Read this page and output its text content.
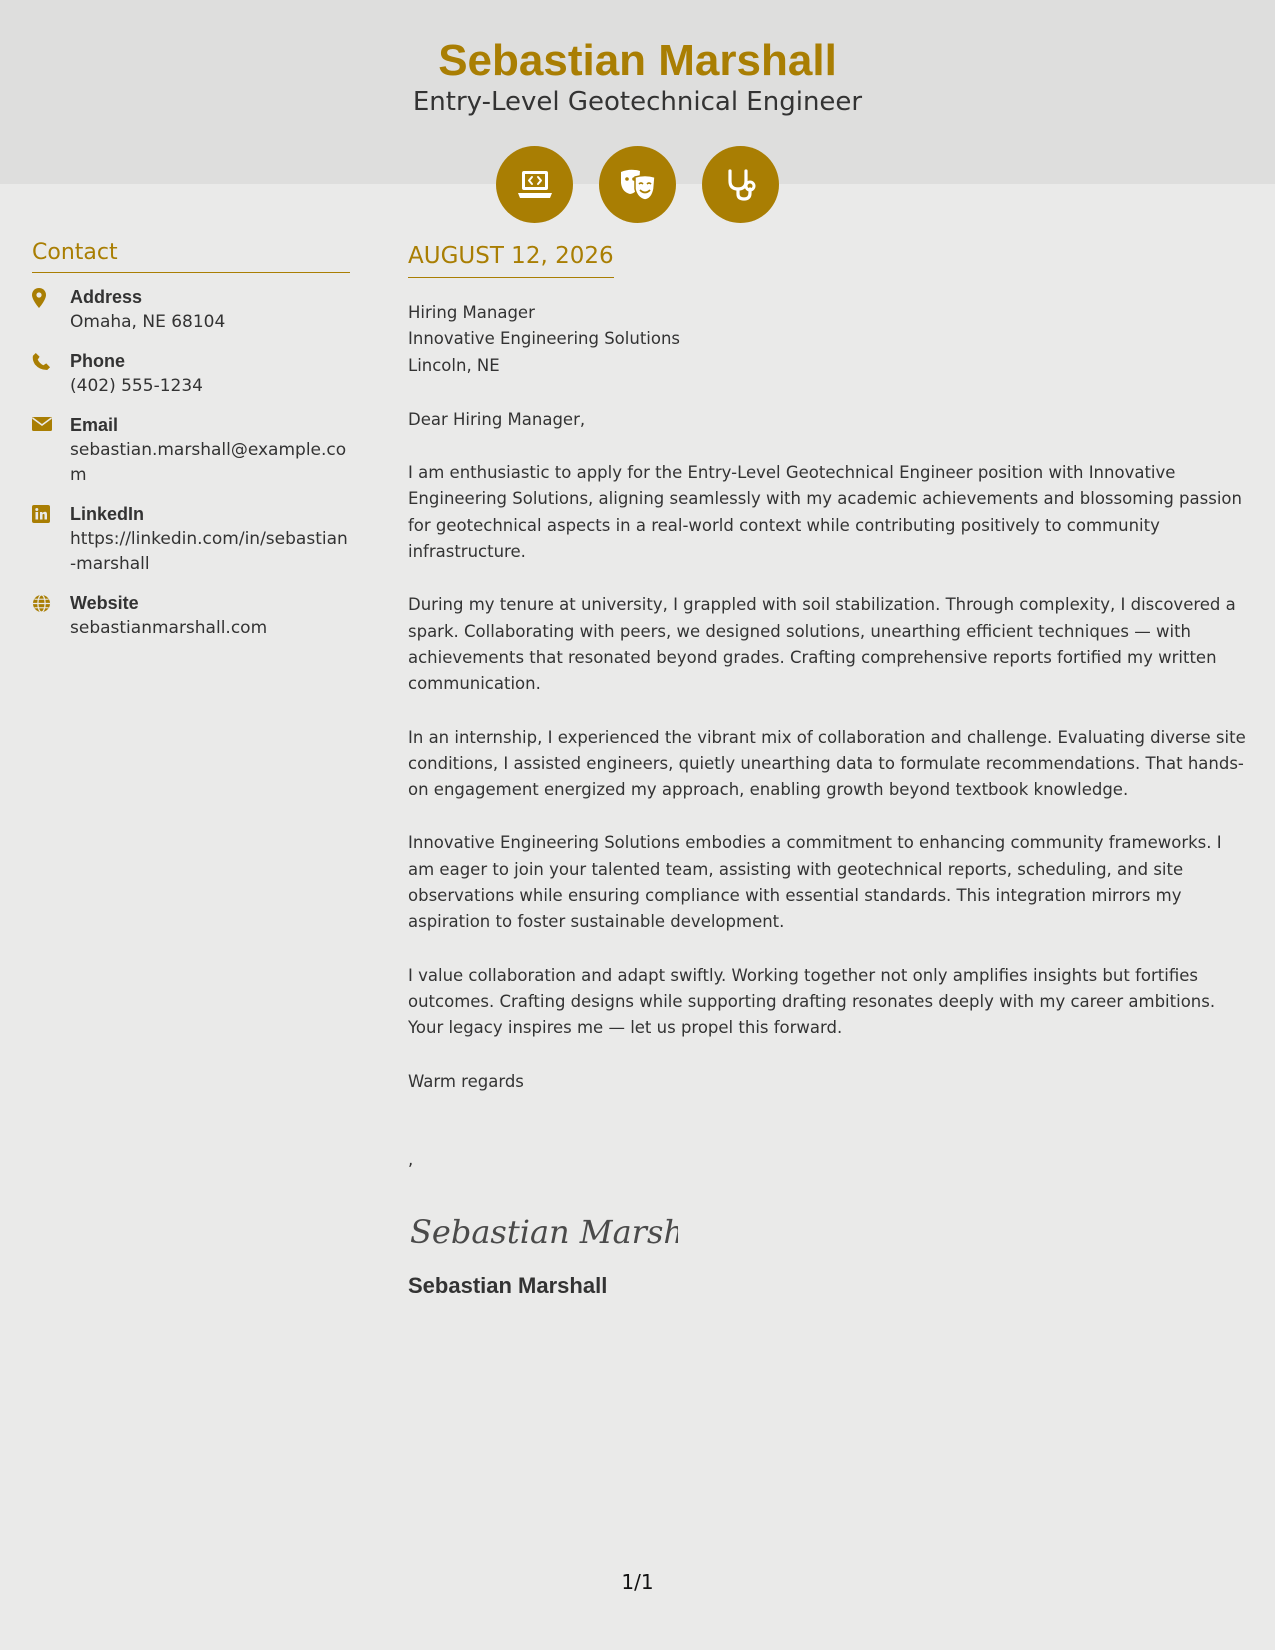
Sebastian Marshall
Entry-Level Geotechnical Engineer
Contact
Address
Omaha, NE 68104
Phone
(402) 555-1234
Email
sebastian.marshall@example.com
LinkedIn
https://linkedin.com/in/sebastian-marshall
Website
sebastianmarshall.com
AUGUST 12, 2026
Hiring Manager
Innovative Engineering Solutions
Lincoln, NE
Dear Hiring Manager,
I am enthusiastic to apply for the Entry-Level Geotechnical Engineer position with Innovative Engineering Solutions, aligning seamlessly with my academic achievements and blossoming passion for geotechnical aspects in a real-world context while contributing positively to community infrastructure.
During my tenure at university, I grappled with soil stabilization. Through complexity, I discovered a spark. Collaborating with peers, we designed solutions, unearthing efficient techniques — with achievements that resonated beyond grades. Crafting comprehensive reports fortified my written communication.
In an internship, I experienced the vibrant mix of collaboration and challenge. Evaluating diverse site conditions, I assisted engineers, quietly unearthing data to formulate recommendations. That hands-on engagement energized my approach, enabling growth beyond textbook knowledge.
Innovative Engineering Solutions embodies a commitment to enhancing community frameworks. I am eager to join your talented team, assisting with geotechnical reports, scheduling, and site observations while ensuring compliance with essential standards. This integration mirrors my aspiration to foster sustainable development.
I value collaboration and adapt swiftly. Working together not only amplifies insights but fortifies outcomes. Crafting designs while supporting drafting resonates deeply with my career ambitions. Your legacy inspires me — let us propel this forward.
Warm regards
,
Sebastian Marsh
Sebastian Marshall
1/1
